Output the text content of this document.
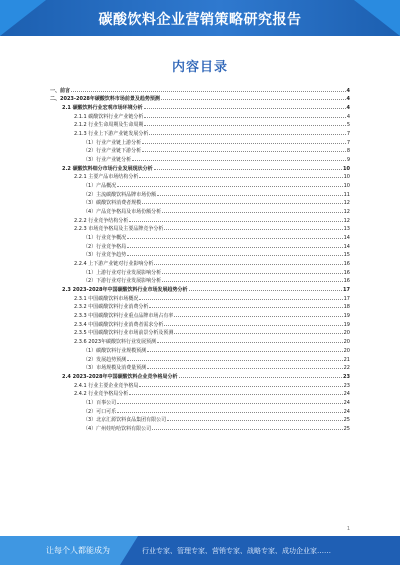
碳酸饮料企业营销策略研究报告
内容目录
一、前言	4
二、2023-2028年碳酸饮料市场前景及趋势预测	4
2.1 碳酸饮料行业宏观市场环境分析	4
2.1.1 碳酸饮料行业产业链分析	4
2.1.2 行业生命周期及生命周期	5
2.1.3 行业上下游产业链发展分析	7
（1）行业产业链上游分析	7
（2）行业产业链下游分析	8
（3）行业产业链分析	9
2.2 碳酸饮料细分市场行业发展现状分析	10
2.2.1 主要产品市场结构分析	10
（1）产品概况	10
（2）主流碳酸饮料品牌市场份额	11
（3）碳酸饮料消费者规模	12
（4）产品竞争格局及市场份额分析	12
2.2.2 行业竞争结构分析	12
2.2.3 市场竞争格局及主要品牌竞争分析	13
（1）行业竞争概况	14
（2）行业竞争格局	14
（3）行业竞争趋势	15
2.2.4 上下游产业链对行业影响分析	16
（1）上游行业对行业发展影响分析	16
（2）下游行业对行业发展影响分析	16
2.3 2023-2028年中国碳酸饮料行业市场发展趋势分析	17
2.3.1 中国碳酸饮料市场概况	17
2.3.2 中国碳酸饮料行业消费分析	18
2.3.3 中国碳酸饮料行业重点品牌市场占有率	19
2.3.4 中国碳酸饮料行业消费者需求分析	19
2.3.5 中国碳酸饮料行业市场前景分析及预测	20
2.3.6 2023年碳酸饮料行业发展预测	20
（1）碳酸饮料行业规模预测	20
（2）发展趋势预测	21
（3）市场规模及消费量预测	22
2.4 2023-2028年中国碳酸饮料企业竞争格局分析	23
2.4.1 行业主要企业竞争格局	23
2.4.2 行业竞争格局分析	24
（1）百事公司	24
（2）可口可乐	24
（3）北京汇源饮料食品集团有限公司	25
（4）广州娃哈哈饮料有限公司	25
1
让每个人都能成为	行业专家、管理专家、营销专家、战略专家、成功企业家……
